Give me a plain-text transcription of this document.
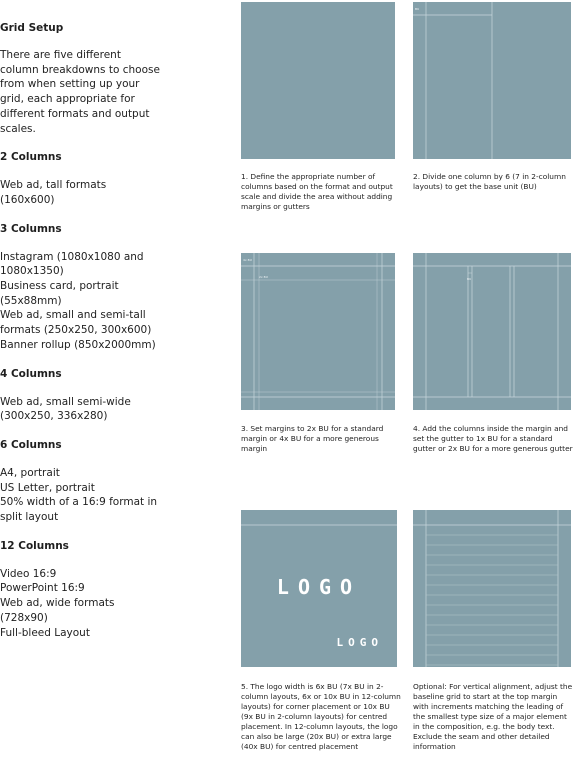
Grid Setup

There are five different column breakdowns to choose from when setting up your grid, each appropriate for different formats and output scales.

2 Columns
Web ad, tall formats (160x600)
3 Columns
Instagram (1080x1080 and 1080x1350)
Business card, portrait (55x88mm)
Web ad, small and semi-tall formats (250x250, 300x600)
Banner rollup (850x2000mm)
4 Columns
Web ad, small semi-wide (300x250, 336x280)
6 Columns
A4, portrait
US Letter, portrait
50% width of a 16:9 format in split layout
12 Columns
Video 16:9
PowerPoint 16:9
Web ad, wide formats (728x90)
Full-bleed Layout
1. Define the appropriate number of columns based on the format and output scale and divide the area without adding margins or gutters
BU
2. Divide one column by 6 (7 in 2-column layouts) to get the base unit (BU)
4x BU
2x BU
3. Set margins to 2x BU for a standard margin or 4x BU for a more generous margin
BU
4. Add the columns inside the margin and set the gutter to 1x BU for a standard gutter or 2x BU for a more generous gutter
LOGO
LOGO
5. The logo width is 6x BU (7x BU in 2-column layouts, 6x or 10x BU in 12-column layouts) for corner placement or 10x BU (9x BU in 2-column layouts) for centred placement. In 12-column layouts, the logo can also be large (20x BU) or extra large (40x BU) for centred placement
Optional: For vertical alignment, adjust the baseline grid to start at the top margin with increments matching the leading of the smallest type size of a major element in the composition, e.g. the body text. Exclude the seam and other detailed information
